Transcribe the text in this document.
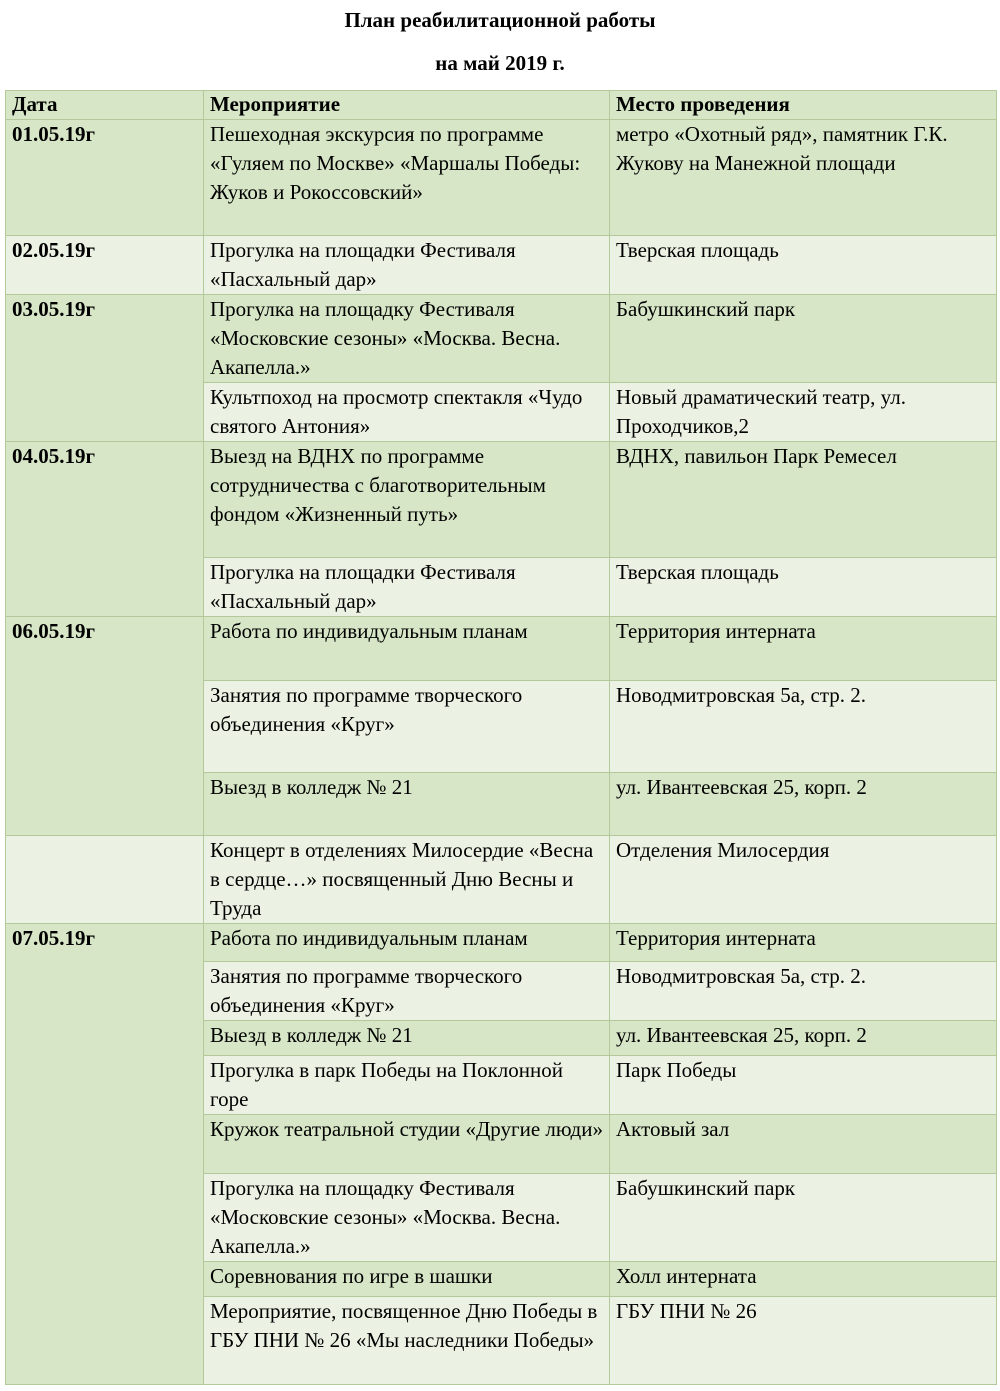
План реабилитационной работы
на май 2019 г.
Дата	Мероприятие	Место проведения
01.05.19г	Пешеходная экскурсия по программе «Гуляем по Москве» «Маршалы Победы: Жуков и Рокоссовский»	метро «Охотный ряд», памятник Г.К. Жукову на Манежной площади
02.05.19г	Прогулка на площадки Фестиваля «Пасхальный дар»	Тверская площадь
03.05.19г	Прогулка на площадку Фестиваля «Московские сезоны» «Москва. Весна. Акапелла.»	Бабушкинский парк
	Культпоход на просмотр спектакля «Чудо святого Антония»	Новый драматический театр, ул. Проходчиков,2
04.05.19г	Выезд на ВДНХ по программе сотрудничества с благотворительным фондом «Жизненный путь»	ВДНХ, павильон Парк Ремесел
	Прогулка на площадки Фестиваля «Пасхальный дар»	Тверская площадь
06.05.19г	Работа по индивидуальным планам	Территория интерната
	Занятия по программе творческого объединения «Круг»	Новодмитровская 5а, стр. 2.
	Выезд в колледж № 21	ул. Ивантеевская 25, корп. 2
	Концерт в отделениях Милосердие «Весна в сердце…» посвященный Дню Весны и Труда	Отделения Милосердия
07.05.19г	Работа по индивидуальным планам	Территория интерната
	Занятия по программе творческого объединения «Круг»	Новодмитровская 5а, стр. 2.
	Выезд в колледж № 21	ул. Ивантеевская 25, корп. 2
	Прогулка в парк Победы на Поклонной горе	Парк Победы
	Кружок театральной студии «Другие люди»	Актовый зал
	Прогулка на площадку Фестиваля «Московские сезоны» «Москва. Весна. Акапелла.»	Бабушкинский парк
	Соревнования по игре в шашки	Холл интерната
	Мероприятие, посвященное Дню Победы в ГБУ ПНИ № 26 «Мы наследники Победы»	ГБУ ПНИ № 26
